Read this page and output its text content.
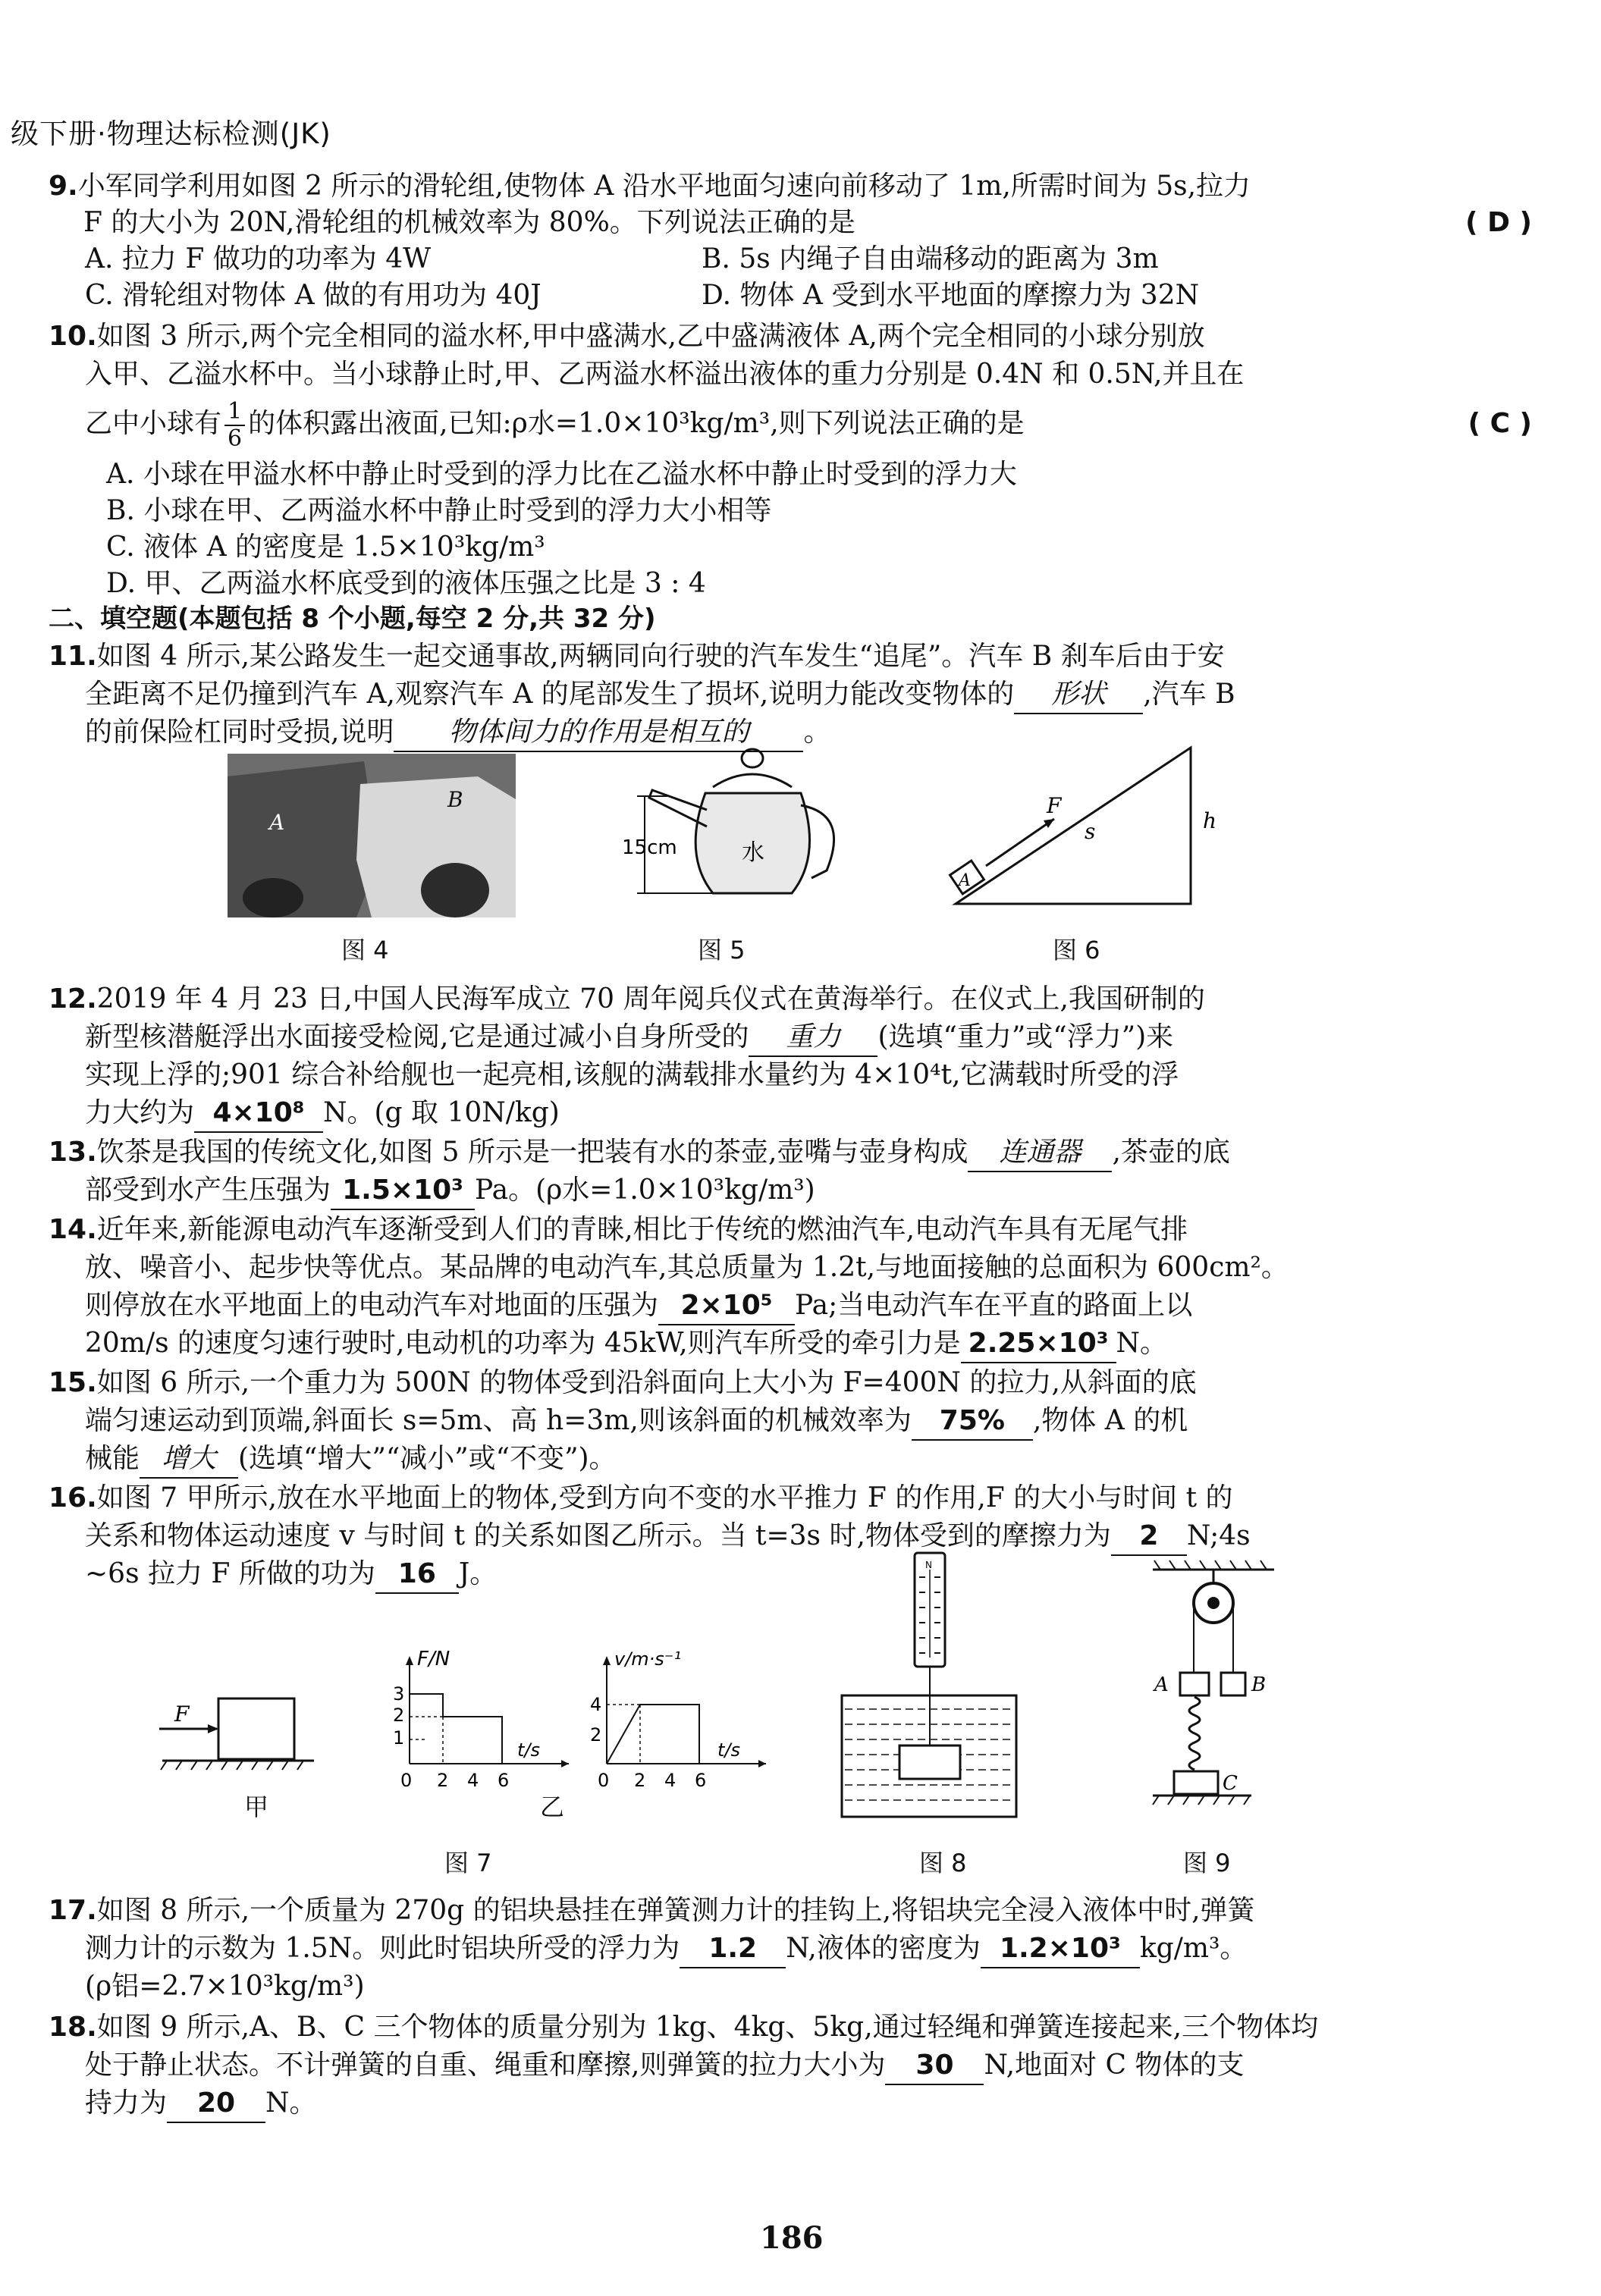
级下册·物理达标检测(JK)
9.小军同学利用如图 2 所示的滑轮组,使物体 A 沿水平地面匀速向前移动了 1m,所需时间为 5s,拉力
F 的大小为 20N,滑轮组的机械效率为 80%。下列说法正确的是	( D )
A. 拉力 F 做功的功率为 4W	B. 5s 内绳子自由端移动的距离为 3m
C. 滑轮组对物体 A 做的有用功为 40J	D. 物体 A 受到水平地面的摩擦力为 32N
10.如图 3 所示,两个完全相同的溢水杯,甲中盛满水,乙中盛满液体 A,两个完全相同的小球分别放
入甲、乙溢水杯中。当小球静止时,甲、乙两溢水杯溢出液体的重力分别是 0.4N 和 0.5N,并且在
乙中小球有 $\frac{1}{6}$ 的体积露出液面,已知:ρ水=1.0×10³kg/m³,则下列说法正确的是	( C )
A. 小球在甲溢水杯中静止时受到的浮力比在乙溢水杯中静止时受到的浮力大
B. 小球在甲、乙两溢水杯中静止时受到的浮力大小相等
C. 液体 A 的密度是 1.5×10³kg/m³
D. 甲、乙两溢水杯底受到的液体压强之比是 3 : 4
二、填空题(本题包括 8 个小题,每空 2 分,共 32 分)
11.如图 4 所示,某公路发生一起交通事故,两辆同向行驶的汽车发生“追尾”。汽车 B 刹车后由于安
全距离不足仍撞到汽车 A,观察汽车 A 的尾部发生了损坏,说明力能改变物体的 形状 ,汽车 B
的前保险杠同时受损,说明 物体间力的作用是相互的 。
A
B
图 4
15cm	水
图 5
A
F
s	h
图 6
12.2019 年 4 月 23 日,中国人民海军成立 70 周年阅兵仪式在黄海举行。在仪式上,我国研制的
新型核潜艇浮出水面接受检阅,它是通过减小自身所受的 重力 (选填“重力”或“浮力”)来
实现上浮的;901 综合补给舰也一起亮相,该舰的满载排水量约为 4×10⁴t,它满载时所受的浮
力大约为 4×10⁸ N。(g 取 10N/kg)
13.饮茶是我国的传统文化,如图 5 所示是一把装有水的茶壶,壶嘴与壶身构成 连通器 ,茶壶的底
部受到水产生压强为 1.5×10³ Pa。(ρ水=1.0×10³kg/m³)
14.近年来,新能源电动汽车逐渐受到人们的青睐,相比于传统的燃油汽车,电动汽车具有无尾气排
放、噪音小、起步快等优点。某品牌的电动汽车,其总质量为 1.2t,与地面接触的总面积为 600cm²。
则停放在水平地面上的电动汽车对地面的压强为 2×10⁵ Pa;当电动汽车在平直的路面上以
20m/s 的速度匀速行驶时,电动机的功率为 45kW,则汽车所受的牵引力是 2.25×10³ N。
15.如图 6 所示,一个重力为 500N 的物体受到沿斜面向上大小为 F=400N 的拉力,从斜面的底
端匀速运动到顶端,斜面长 s=5m、高 h=3m,则该斜面的机械效率为 75% ,物体 A 的机
械能 增大 (选填“增大”“减小”或“不变”)。
16.如图 7 甲所示,放在水平地面上的物体,受到方向不变的水平推力 F 的作用,F 的大小与时间 t 的
关系和物体运动速度 v 与时间 t 的关系如图乙所示。当 t=3s 时,物体受到的摩擦力为 2 N;4s
~6s 拉力 F 所做的功为 16 J。
F
甲
F/N
t/s
3
2
1
0 2 4 6
v/m·s⁻¹
t/s
4
2
0 2 4 6
乙
图 7
N
图 8
A	B
C
图 9
17.如图 8 所示,一个质量为 270g 的铝块悬挂在弹簧测力计的挂钩上,将铝块完全浸入液体中时,弹簧
测力计的示数为 1.5N。则此时铝块所受的浮力为 1.2 N,液体的密度为 1.2×10³ kg/m³。
(ρ铝=2.7×10³kg/m³)
18.如图 9 所示,A、B、C 三个物体的质量分别为 1kg、4kg、5kg,通过轻绳和弹簧连接起来,三个物体均
处于静止状态。不计弹簧的自重、绳重和摩擦,则弹簧的拉力大小为 30 N,地面对 C 物体的支
持力为 20 N。
186
